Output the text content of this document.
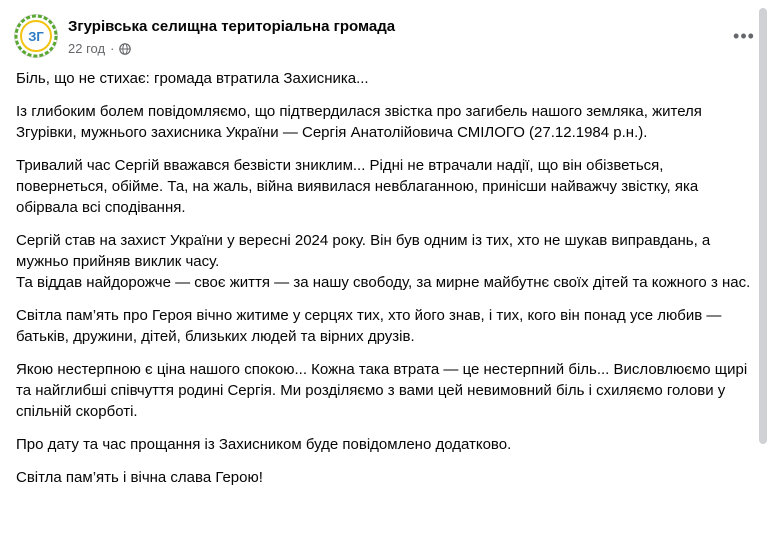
ЗГ
Згурівська селищна територіальна громада
22 год ·
•••

Біль, що не стихає: громада втратила Захисника...

Із глибоким болем повідомляємо, що підтвердилася звістка про загибель нашого земляка, жителя Згурівки, мужнього захисника України — Сергія Анатолійовича СМІЛОГО (27.12.1984 р.н.).

Тривалий час Сергій вважався безвісти зниклим... Рідні не втрачали надії, що він обізветься, повернеться, обійме. Та, на жаль, війна виявилася невблаганною, принісши найважчу звістку, яка обірвала всі сподівання.

Сергій став на захист України у вересні 2024 року. Він був одним із тих, хто не шукав виправдань, а мужньо прийняв виклик часу.
Та віддав найдорожче — своє життя — за нашу свободу, за мирне майбутнє своїх дітей та кожного з нас.

Світла пам’ять про Героя вічно житиме у серцях тих, хто його знав, і тих, кого він понад усе любив — батьків, дружини, дітей, близьких людей та вірних друзів.

Якою нестерпною є ціна нашого спокою... Кожна така втрата — це нестерпний біль... Висловлюємо щирі та найглибші співчуття родині Сергія. Ми розділяємо з вами цей невимовний біль і схиляємо голови у спільній скорботі.

Про дату та час прощання із Захисником буде повідомлено додатково.

Світла пам’ять і вічна слава Герою!
